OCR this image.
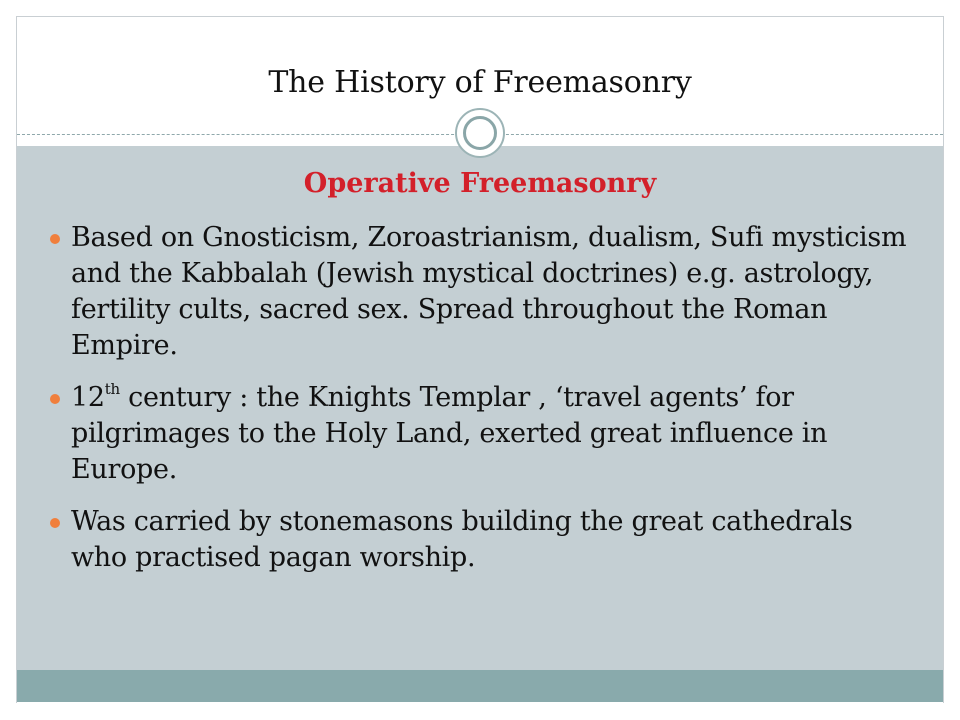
The History of Freemasonry
Operative Freemasonry
Based on Gnosticism, Zoroastrianism, dualism, Sufi mysticism and the Kabbalah (Jewish mystical doctrines) e.g. astrology, fertility cults, sacred sex. Spread throughout the Roman Empire.
12th century : the Knights Templar , ‘travel agents’ for pilgrimages to the Holy Land, exerted great influence in Europe.
Was carried by stonemasons building the great cathedrals who practised pagan worship.
